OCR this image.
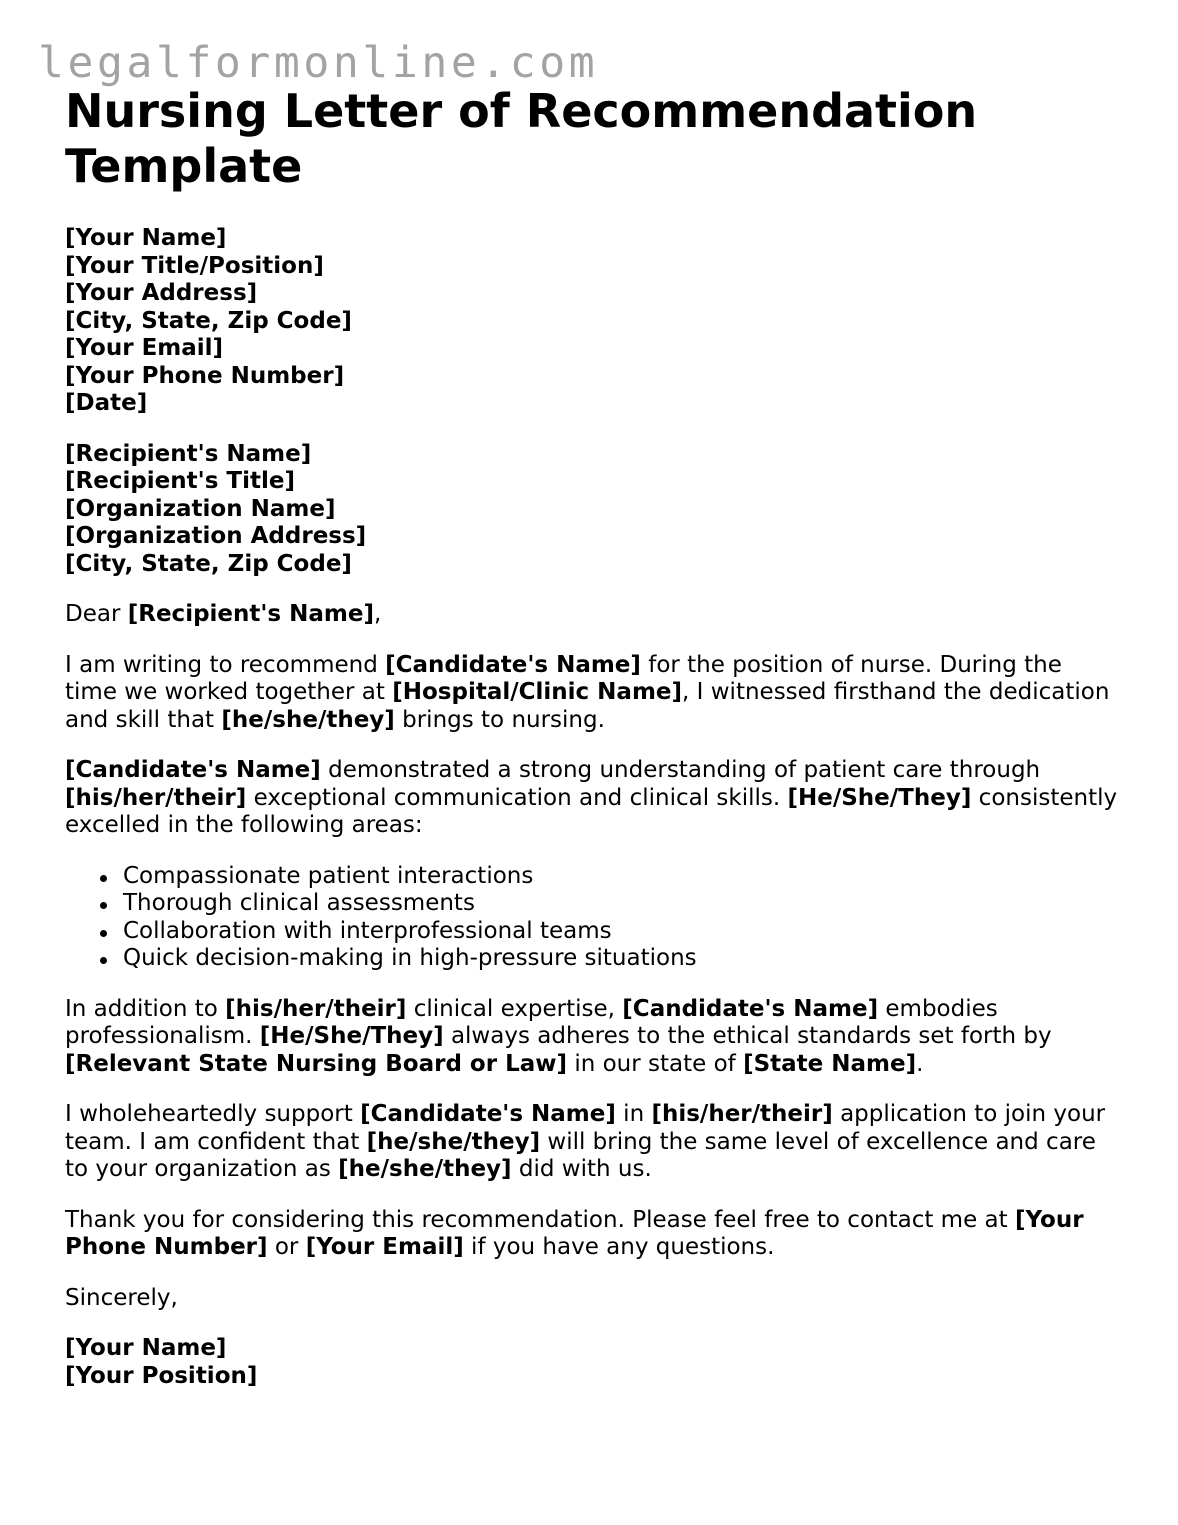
legalformonline.com
Nursing Letter of Recommendation Template
[Your Name]
[Your Title/Position]
[Your Address]
[City, State, Zip Code]
[Your Email]
[Your Phone Number]
[Date]
[Recipient's Name]
[Recipient's Title]
[Organization Name]
[Organization Address]
[City, State, Zip Code]
Dear [Recipient's Name],
I am writing to recommend [Candidate's Name] for the position of nurse. During the
time we worked together at [Hospital/Clinic Name], I witnessed firsthand the dedication
and skill that [he/she/they] brings to nursing.
[Candidate's Name] demonstrated a strong understanding of patient care through
[his/her/their] exceptional communication and clinical skills. [He/She/They] consistently
excelled in the following areas:
Compassionate patient interactions
Thorough clinical assessments
Collaboration with interprofessional teams
Quick decision-making in high-pressure situations
In addition to [his/her/their] clinical expertise, [Candidate's Name] embodies
professionalism. [He/She/They] always adheres to the ethical standards set forth by
[Relevant State Nursing Board or Law] in our state of [State Name].
I wholeheartedly support [Candidate's Name] in [his/her/their] application to join your
team. I am confident that [he/she/they] will bring the same level of excellence and care
to your organization as [he/she/they] did with us.
Thank you for considering this recommendation. Please feel free to contact me at [Your
Phone Number] or [Your Email] if you have any questions.
Sincerely,
[Your Name]
[Your Position]
